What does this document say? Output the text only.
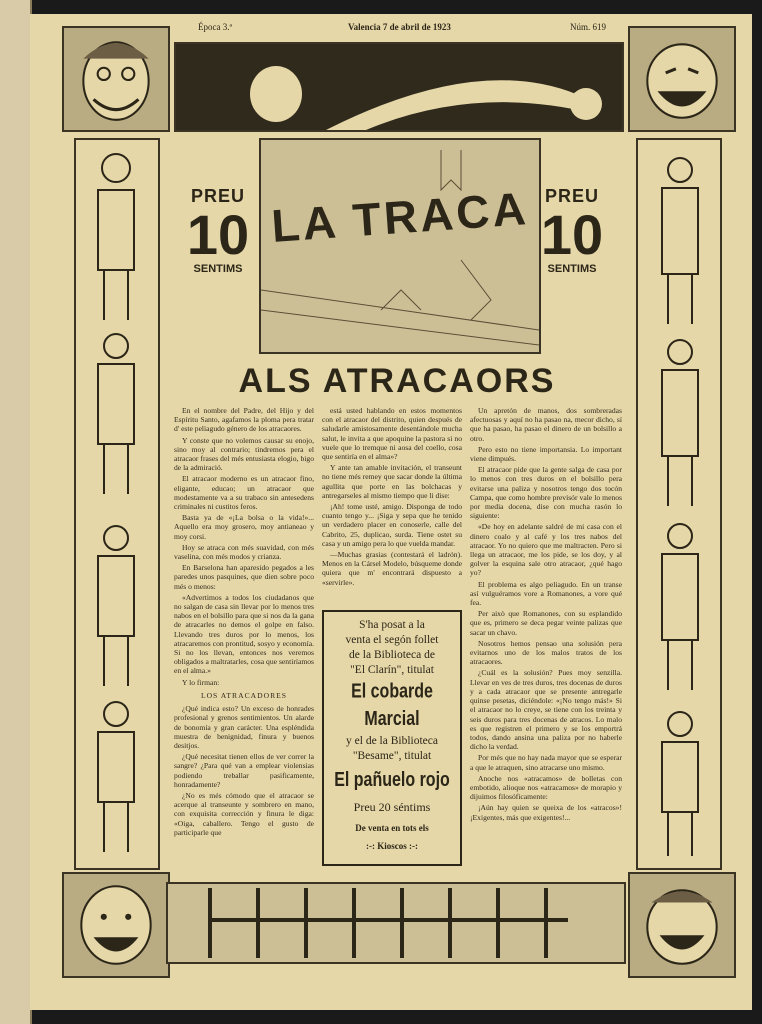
Época 3.ª	Valencia 7 de abril de 1923	Núm. 619
PREU
10
SENTIMS
PREU
10
SENTIMS
LA TRACA
ALS ATRACAORS

En el nombre del Padre, del Hijo y del Espíritu Santo, agafamos la ploma pera tratar d' este peliagudo género de los atracaores.

Y conste que no volemos causar su enojo, sino moy al contrario; tindremos pera el atracaor frases del més entusiasta elogio, bigo de la admiració.

El atracaor moderno es un atracaor fino, eligante, educao; un atracaor que modestamente va a su trabaco sin antesedens criminales ni custitos feros.

Basta ya de «¡La bolsa o la vida!»... Aquello era moy grosero, moy antianeao y moy corsi.

Hoy se atraca con més suavidad, con més vaselina, con més modos y crianza.

En Barselona han aparesido pegados a les paredes unos pasquines, que dien sobre poco més o menos:

«Advertimos a todos los ciudadanos que no salgan de casa sin llevar por lo menos tres nabos en el bolsillo para que si nos da la gana de atracarles no demos el golpe en falso. Llevando tres duros por lo menos, los atracaremos con prontitud, sosyo y economía. Si no los llevan, entonces nos veremos obligados a maltratarles, cosa que sentiríamos en el alma.»

Y lo firman:

LOS ATRACADORES

¿Qué indica esto? Un exceso de honrades profesional y grenos sentimientos. Un alarde de bonomía y gran carácter. Una espléndida muestra de benignidad, finura y buenos desitjos.

¿Qué necesitat tienen ellos de ver correr la sangre? ¿Para qué van a emplear violensias podiendo treballar pasificamente, honradamente?

¿No es més cómodo que el atracaor se acerque al transeunte y sombrero en mano, con exquisita corrección y finura le diga: «Oiga, caballero. Tengo el gusto de participarle que

está usted hablando en estos momentos con el atracaor del distrito, quien después de saludarle amistosamente desentándole mucha salut, le invita a que apoquine la pastora si no vuele que lo tremque ni aosa del coello, cosa que sentiría en el alma»?

Y ante tan amable invitación, el transeunt no tiene més remey que sacar donde la última agullita que porte en las bolchacas y antregarseles al mismo tiempo que li dise:

¡Ah! tome usté, amigo. Disponga de todo cuanto tengo y... ¡Siga y sepa que he tenido un verdadero placer en conoserle, calle del Cabrito, 25, duplicao, surda. Tiene ostet su casa y un amigo pera lo que vuelda mandar.

—Muchas grasias (contestará el ladrón). Menos en la Cársel Modelo, búsqueme donde quiera que m' encontrará dispuesto a «servirle».

S'ha posat a la
venta el segón follet
de la Biblioteca de
"El Clarín", titulat
El cobarde Marcial
y el de la Biblioteca
"Besame", titulat
El pañuelo rojo
Preu 20 séntims
De venta en tots els
:-: Kioscos :-:

Un apretón de manos, dos sombreradas afectuosas y aquí no ha pasao na, mecor dicho, sí que ha pasao, ha pasao el dinero de un bolsillo a otro.

Pero esto no tiene importansia. Lo important viene dimpués.

El atracaor pide que la gente salga de casa por lo menos con tres duros en el bolsillo pera evitarse una paliza y nosotros tengo dos tocón Campa, que como hombre previsór vale lo menos por media docena, dise con mucha rasón lo siguiente:

«De hoy en adelante saldré de mi casa con el dinero coalo y al café y los tres nabos del atracaor. Yo no quiero que me maltracten. Pero si llega un atracaor, me los pide, se los doy, y al golver la esquina sale otro atracaor, ¿qué hago yo?

El problema es algo peliagudo. En un transe así vulguéramos vore a Romanones, a vore qué fea.

Per això que Romanones, con su esplandido que es, primero se deca pegar veinte palizas que sacar un chavo.

Nosotros hemos pensao una solusión pera evitarnos uno de los malos tratos de los atracaores.

¿Cuál es la solusión? Pues moy senzilla. Llevar en ves de tres duros, tres docenas de duros y a cada atracaor que se presente antregarle quinse pesetas, diciéndole: «¡No tengo más!» Si el atracaor no lo creye, se tiene con los treinta y seis duros para tres docenas de atracos. Lo malo es que registren el primero y se los emportrá todos, dando ansina una paliza por no haberle dicho la verdad.

Por més que no hay nada mayor que se esperar a que le atraquen, sino atracarse uno mismo.

Anoche nos «atracamos» de bolletas con embotido, alioque nos «atracamos» de morapio y dijuimos filosóficamente:

¡Aún hay quien se queixa de los «atracos»! ¡Exigentes, más que exigentes!...
